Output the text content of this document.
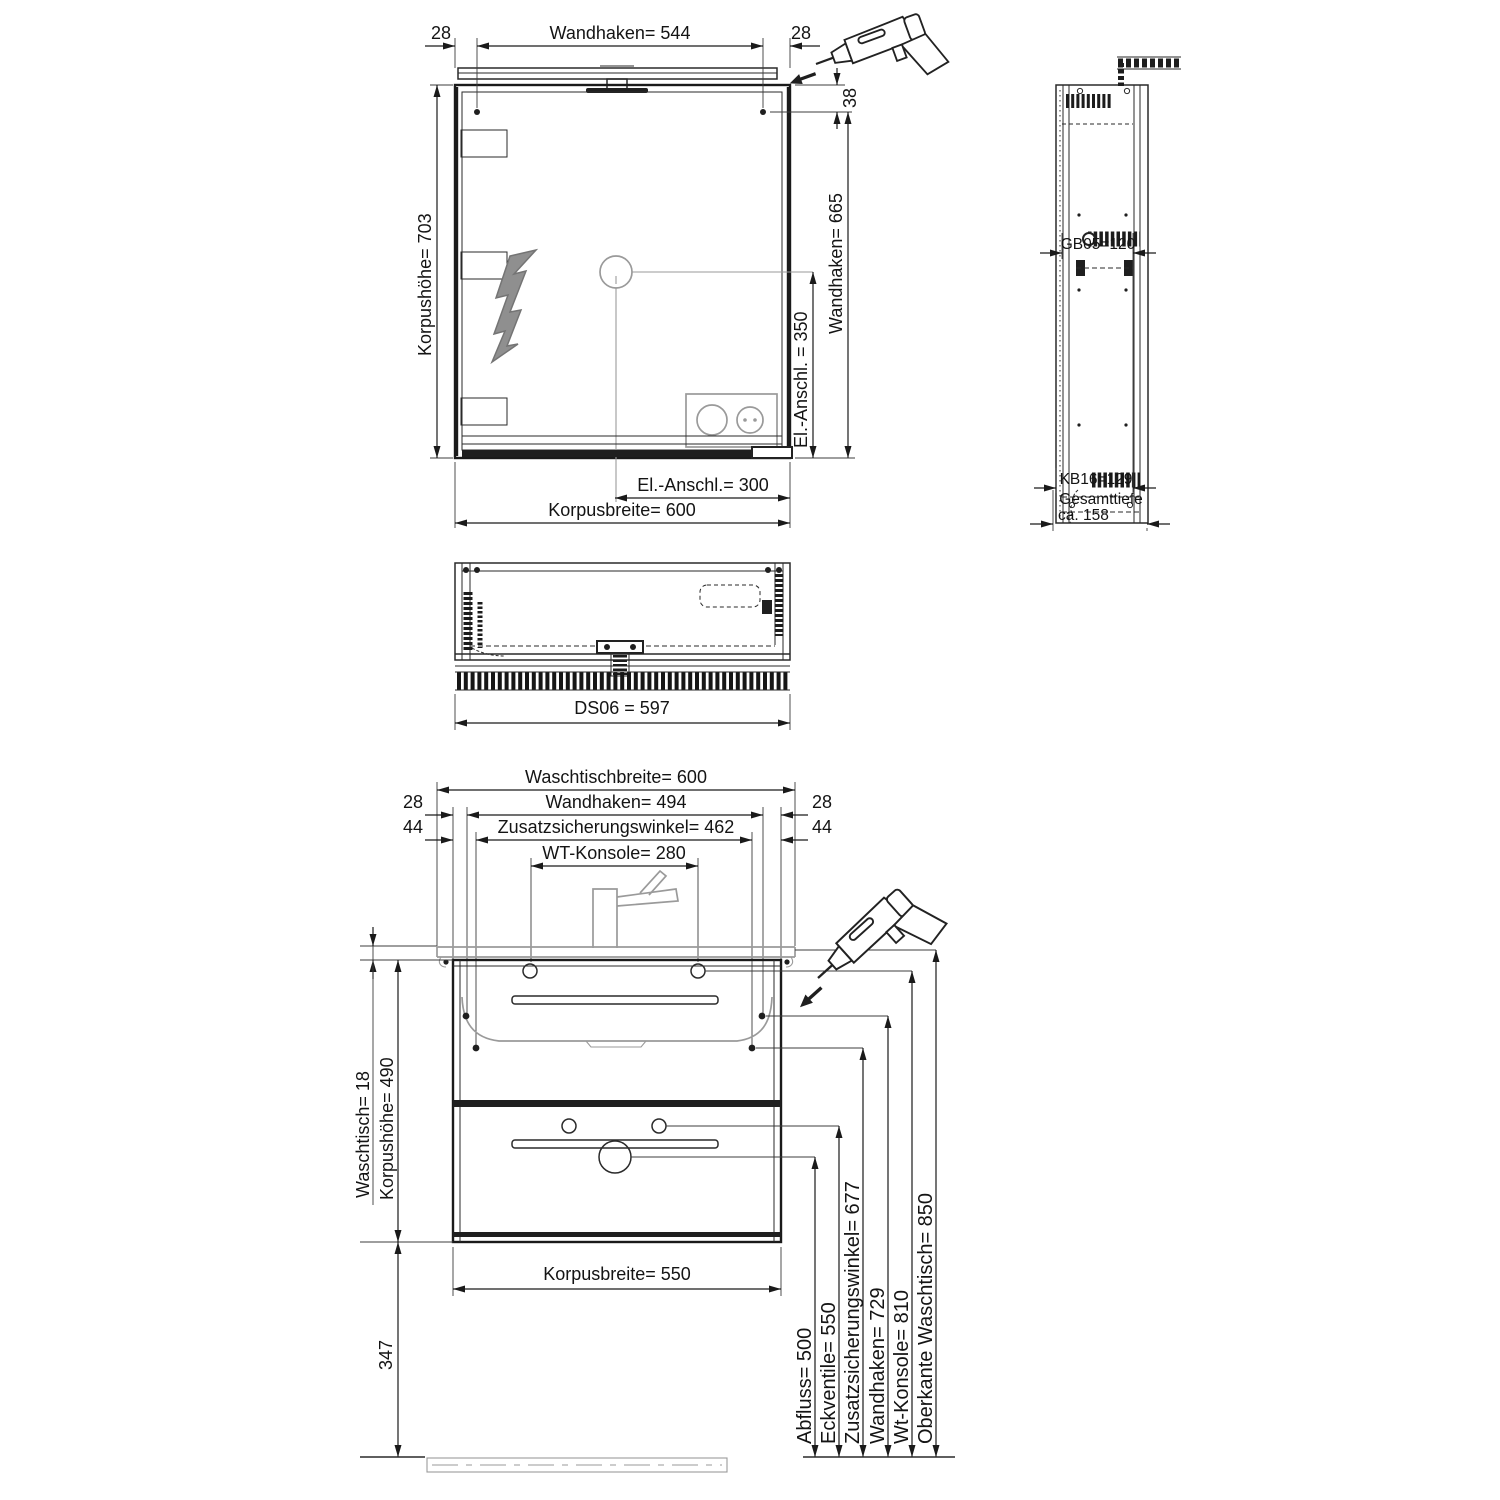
28	Wandhaken= 544	28
38
Korpushöhe= 703	Wandhaken= 665
El.-Anschl. = 350
El.-Anschl.= 300
Korpusbreite= 600
GB05=120
KB16=129
Gesamttiefe
ca. 158
DS06 = 597
Waschtischbreite= 600
28	Wandhaken= 494	28
44	Zusatzsicherungswinkel= 462	44
WT-Konsole= 280
Abfluss= 500 Eckventile= 550 Zusatzsicherungswinkel= 677 Wandhaken= 729 Wt-Konsole= 810 Oberkante Waschtisch= 850
Waschtisch= 18 Korpushöhe= 490
347
Korpusbreite= 550
